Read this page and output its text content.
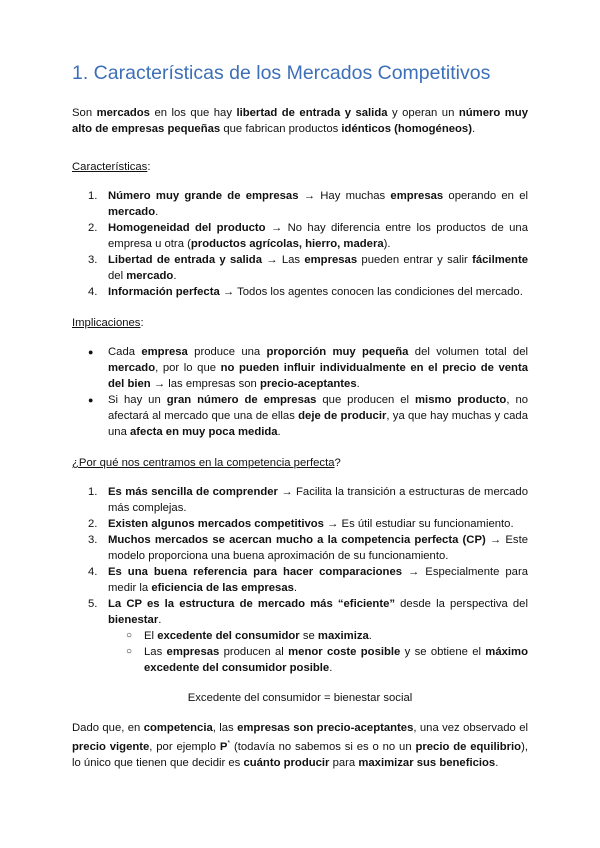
1. Características de los Mercados Competitivos

Son mercados en los que hay libertad de entrada y salida y operan un número muy alto de empresas pequeñas que fabrican productos idénticos (homogéneos).

Características:

1. Número muy grande de empresas → Hay muchas empresas operando en el mercado.
2. Homogeneidad del producto → No hay diferencia entre los productos de una empresa u otra (productos agrícolas, hierro, madera).
3. Libertad de entrada y salida → Las empresas pueden entrar y salir fácilmente del mercado.
4. Información perfecta → Todos los agentes conocen las condiciones del mercado.

Implicaciones:

● Cada empresa produce una proporción muy pequeña del volumen total del mercado, por lo que no pueden influir individualmente en el precio de venta del bien → las empresas son precio-aceptantes.
● Si hay un gran número de empresas que producen el mismo producto, no afectará al mercado que una de ellas deje de producir, ya que hay muchas y cada una afecta en muy poca medida.

¿Por qué nos centramos en la competencia perfecta?

1. Es más sencilla de comprender → Facilita la transición a estructuras de mercado más complejas.
2. Existen algunos mercados competitivos → Es útil estudiar su funcionamiento.
3. Muchos mercados se acercan mucho a la competencia perfecta (CP) → Este modelo proporciona una buena aproximación de su funcionamiento.
4. Es una buena referencia para hacer comparaciones → Especialmente para medir la eficiencia de las empresas.
5. La CP es la estructura de mercado más “eficiente” desde la perspectiva del bienestar.
○ El excedente del consumidor se maximiza.
○ Las empresas producen al menor coste posible y se obtiene el máximo excedente del consumidor posible.

Excedente del consumidor = bienestar social

Dado que, en competencia, las empresas son precio-aceptantes, una vez observado el precio vigente, por ejemplo P* (todavía no sabemos si es o no un precio de equilibrio), lo único que tienen que decidir es cuánto producir para maximizar sus beneficios.
